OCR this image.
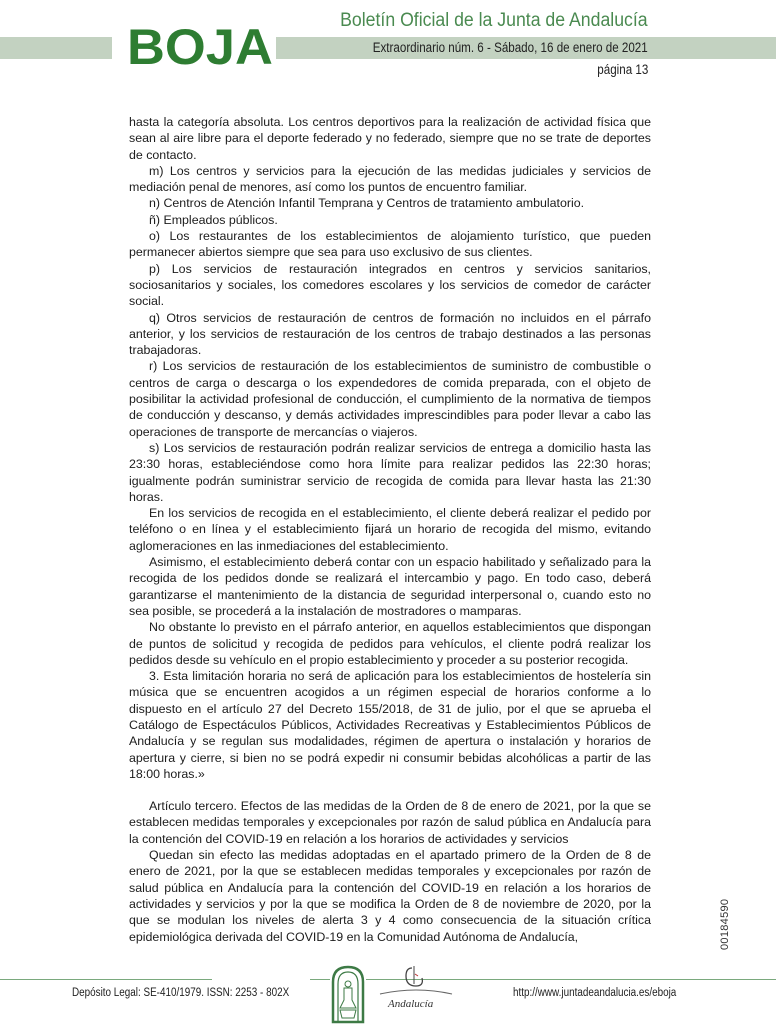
BOJA	Boletín Oficial de la Junta de Andalucía
Extraordinario núm. 6 - Sábado, 16 de enero de 2021
página 13

hasta la categoría absoluta. Los centros deportivos para la realización de actividad física que sean al aire libre para el deporte federado y no federado, siempre que no se trate de deportes de contacto.

m) Los centros y servicios para la ejecución de las medidas judiciales y servicios de mediación penal de menores, así como los puntos de encuentro familiar.

n) Centros de Atención Infantil Temprana y Centros de tratamiento ambulatorio.

ñ) Empleados públicos.

o) Los restaurantes de los establecimientos de alojamiento turístico, que pueden permanecer abiertos siempre que sea para uso exclusivo de sus clientes.

p) Los servicios de restauración integrados en centros y servicios sanitarios, sociosanitarios y sociales, los comedores escolares y los servicios de comedor de carácter social.

q) Otros servicios de restauración de centros de formación no incluidos en el párrafo anterior, y los servicios de restauración de los centros de trabajo destinados a las personas trabajadoras.

r) Los servicios de restauración de los establecimientos de suministro de combustible o centros de carga o descarga o los expendedores de comida preparada, con el objeto de posibilitar la actividad profesional de conducción, el cumplimiento de la normativa de tiempos de conducción y descanso, y demás actividades imprescindibles para poder llevar a cabo las operaciones de transporte de mercancías o viajeros.

s) Los servicios de restauración podrán realizar servicios de entrega a domicilio hasta las 23:30 horas, estableciéndose como hora límite para realizar pedidos las 22:30 horas; igualmente podrán suministrar servicio de recogida de comida para llevar hasta las 21:30 horas.

En los servicios de recogida en el establecimiento, el cliente deberá realizar el pedido por teléfono o en línea y el establecimiento fijará un horario de recogida del mismo, evitando aglomeraciones en las inmediaciones del establecimiento.

Asimismo, el establecimiento deberá contar con un espacio habilitado y señalizado para la recogida de los pedidos donde se realizará el intercambio y pago. En todo caso, deberá garantizarse el mantenimiento de la distancia de seguridad interpersonal o, cuando esto no sea posible, se procederá a la instalación de mostradores o mamparas.

No obstante lo previsto en el párrafo anterior, en aquellos establecimientos que dispongan de puntos de solicitud y recogida de pedidos para vehículos, el cliente podrá realizar los pedidos desde su vehículo en el propio establecimiento y proceder a su posterior recogida.

3. Esta limitación horaria no será de aplicación para los establecimientos de hostelería sin música que se encuentren acogidos a un régimen especial de horarios conforme a lo dispuesto en el artículo 27 del Decreto 155/2018, de 31 de julio, por el que se aprueba el Catálogo de Espectáculos Públicos, Actividades Recreativas y Establecimientos Públicos de Andalucía y se regulan sus modalidades, régimen de apertura o instalación y horarios de apertura y cierre, si bien no se podrá expedir ni consumir bebidas alcohólicas a partir de las 18:00 horas.»

Artículo tercero. Efectos de las medidas de la Orden de 8 de enero de 2021, por la que se establecen medidas temporales y excepcionales por razón de salud pública en Andalucía para la contención del COVID-19 en relación a los horarios de actividades y servicios

Quedan sin efecto las medidas adoptadas en el apartado primero de la Orden de 8 de enero de 2021, por la que se establecen medidas temporales y excepcionales por razón de salud pública en Andalucía para la contención del COVID-19 en relación a los horarios de actividades y servicios y por la que se modifica la Orden de 8 de noviembre de 2020, por la que se modulan los niveles de alerta 3 y 4 como consecuencia de la situación crítica epidemiológica derivada del COVID-19 en la Comunidad Autónoma de Andalucía,	00184590
Depósito Legal: SE-410/1979. ISSN: 2253 - 802X
Andalucía
http://www.juntadeandalucia.es/eboja
